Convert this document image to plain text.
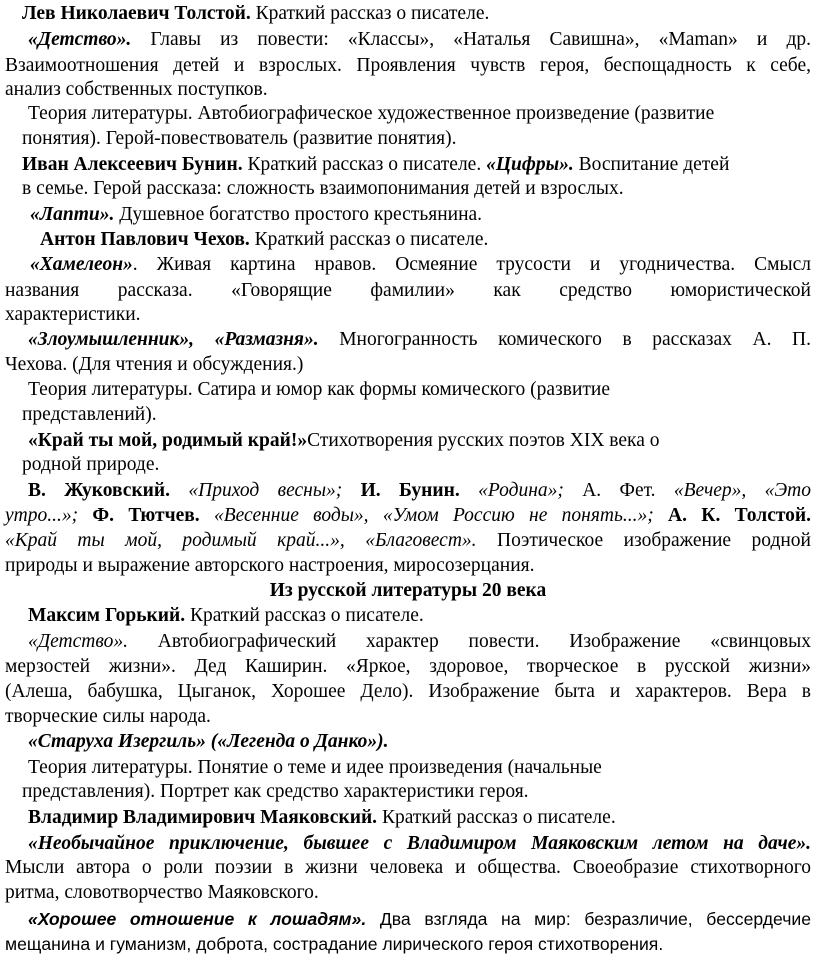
Лев Николаевич Толстой. Краткий рассказ о писателе.
«Детство». Главы из повести: «Классы», «Наталья Савишна», «Maman» и др.
Взаимоотношения детей и взрослых. Проявления чувств героя, беспощадность к себе,
анализ собственных поступков.
Теория литературы. Автобиографическое художественное произведение (развитие
понятия). Герой-повествователь (развитие понятия).
Иван Алексеевич Бунин. Краткий рассказ о писателе. «Цифры». Воспитание детей
в семье. Герой рассказа: сложность взаимопонимания детей и взрослых.
«Лапти». Душевное богатство простого крестьянина.
Антон Павлович Чехов. Краткий рассказ о писателе.
«Хамелеон». Живая картина нравов. Осмеяние трусости и угодничества. Смысл
названия рассказа. «Говорящие фамилии» как средство юмористической
характеристики.
«Злоумышленник», «Размазня». Многогранность комического в рассказах А. П.
Чехова. (Для чтения и обсуждения.)
Теория литературы. Сатира и юмор как формы комического (развитие
представлений).
«Край ты мой, родимый край!»Стихотворения русских поэтов XIX века о
родной природе.
В. Жуковский. «Приход весны»; И. Бунин. «Родина»; А. Фет. «Вечер», «Это
утро...»; Ф. Тютчев. «Весенние воды», «Умом Россию не понять...»; А. К. Толстой.
«Край ты мой, родимый край...», «Благовест». Поэтическое изображение родной
природы и выражение авторского настроения, миросозерцания.
Из русской литературы 20 века
Максим Горький. Краткий рассказ о писателе.
«Детство». Автобиографический характер повести. Изображение «свинцовых
мерзостей жизни». Дед Каширин. «Яркое, здоровое, творческое в русской жизни»
(Алеша, бабушка, Цыганок, Хорошее Дело). Изображение быта и характеров. Вера в
творческие силы народа.
«Старуха Изергиль» («Легенда о Данко»).
Теория литературы. Понятие о теме и идее произведения (начальные
представления). Портрет как средство характеристики героя.
Владимир Владимирович Маяковский. Краткий рассказ о писателе.
«Необычайное приключение, бывшее с Владимиром Маяковским летом на даче».
Мысли автора о роли поэзии в жизни человека и общества. Своеобразие стихотворного
ритма, словотворчество Маяковского.
«Хорошее отношение к лошадям». Два взгляда на мир: безразличие, бессердечие
мещанина и гуманизм, доброта, сострадание лирического героя стихотворения.
